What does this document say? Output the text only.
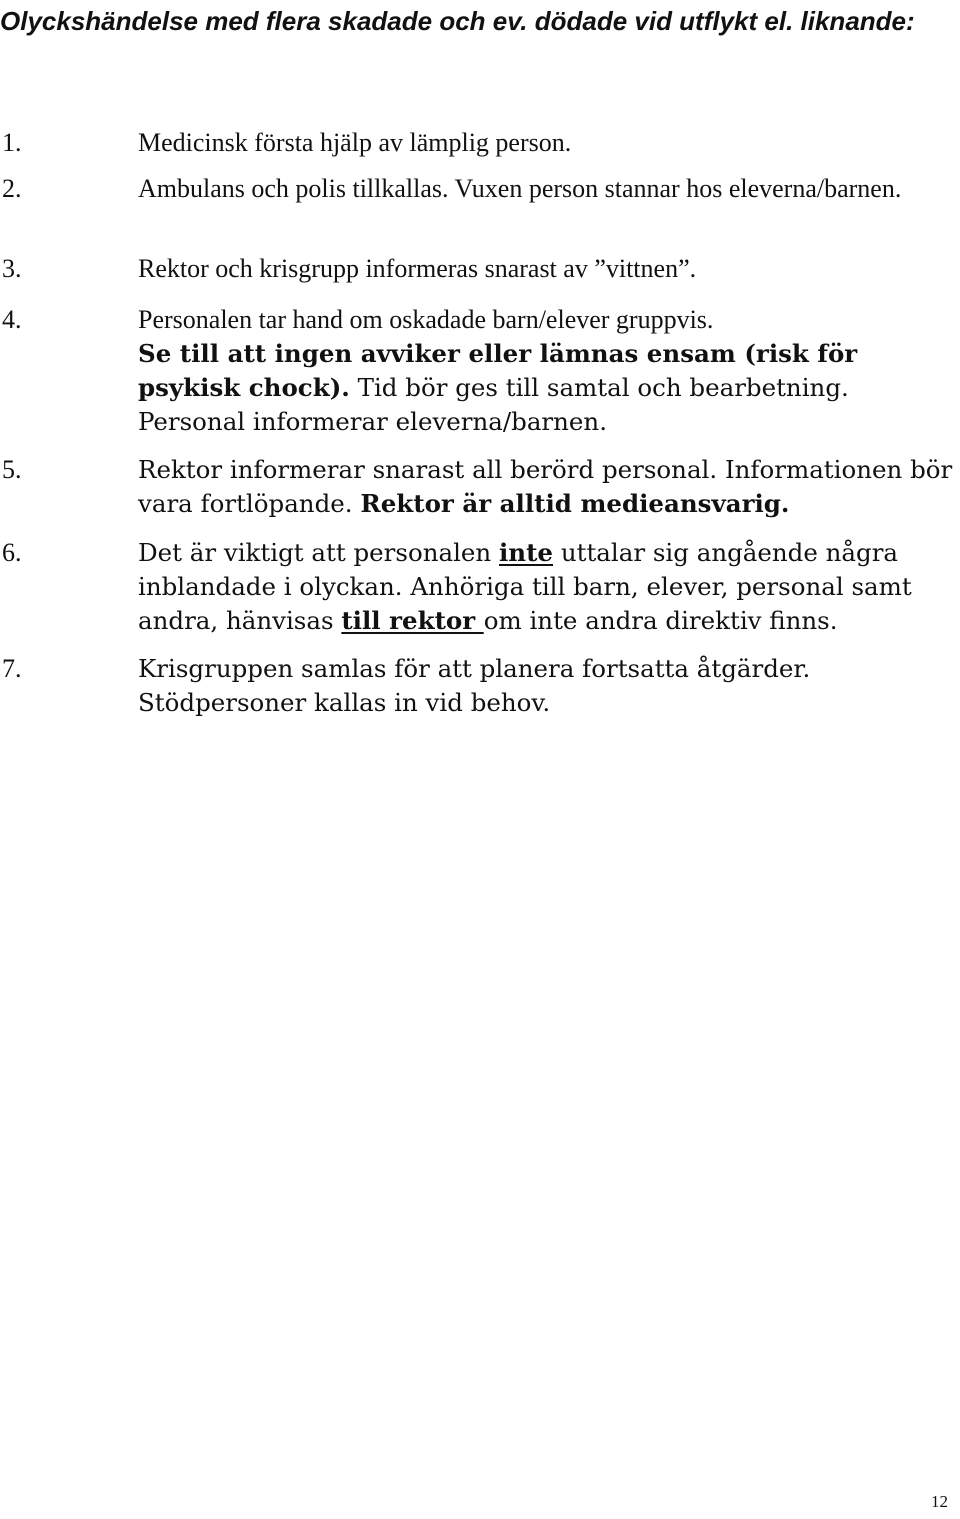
Olyckshändelse med flera skadade och ev. dödade vid utflykt el. liknande:
1.	Medicinsk första hjälp av lämplig person.
2.	Ambulans och polis tillkallas. Vuxen person stannar hos eleverna/barnen.
3.	Rektor och krisgrupp informeras snarast av ”vittnen”.
4.	Personalen tar hand om oskadade barn/elever gruppvis.
Se till att ingen avviker eller lämnas ensam (risk för psykisk chock). Tid bör ges till samtal och bearbetning. Personal informerar eleverna/barnen.
5.	Rektor informerar snarast all berörd personal. Informationen bör vara fortlöpande. Rektor är alltid medieansvarig.
6.	Det är viktigt att personalen inte uttalar sig angående några inblandade i olyckan. Anhöriga till barn, elever, personal samt andra, hänvisas till rektor om inte andra direktiv finns.
7.	Krisgruppen samlas för att planera fortsatta åtgärder. Stödpersoner kallas in vid behov.
12
